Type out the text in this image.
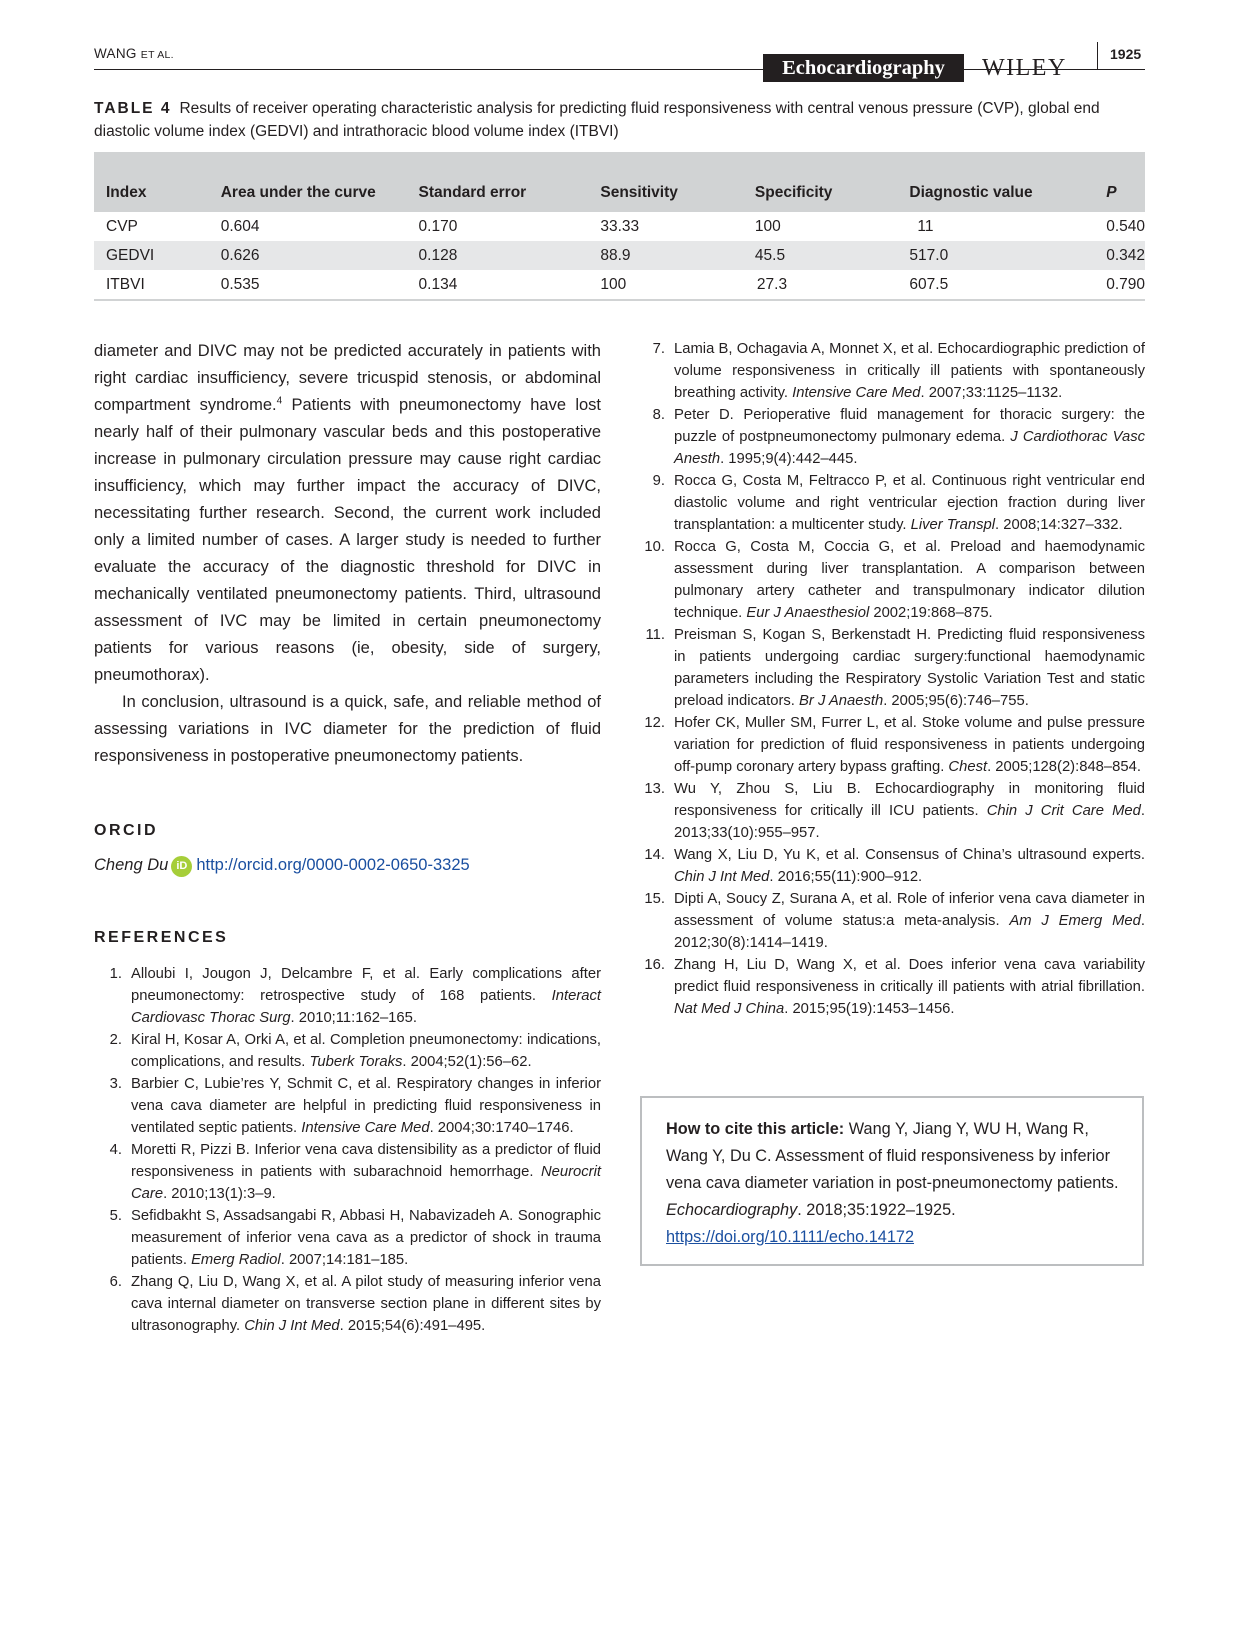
WANG ET AL.
Echocardiography	WILEY
1925
TABLE 4 Results of receiver operating characteristic analysis for predicting fluid responsiveness with central venous pressure (CVP), global end diastolic volume index (GEDVI) and intrathoracic blood volume index (ITBVI)
Index	Area under the curve	Standard error	Sensitivity	Specificity	Diagnostic value	P
CVP	0.604	0.170	33.33	100	11	0.540
GEDVI	0.626	0.128	88.9	45.5	517.0	0.342
ITBVI	0.535	0.134	100	27.3	607.5	0.790

diameter and DIVC may not be predicted accurately in patients with right cardiac insufficiency, severe tricuspid stenosis, or abdominal compartment syndrome.$^4$ Patients with pneumonectomy have lost nearly half of their pulmonary vascular beds and this postoperative increase in pulmonary circulation pressure may cause right cardiac insufficiency, which may further impact the accuracy of DIVC, necessitating further research. Second, the current work included only a limited number of cases. A larger study is needed to further evaluate the accuracy of the diagnostic threshold for DIVC in mechanically ventilated pneumonectomy patients. Third, ultrasound assessment of IVC may be limited in certain pneumonectomy patients for various reasons (ie, obesity, side of surgery, pneumothorax).

In conclusion, ultrasound is a quick, safe, and reliable method of assessing variations in IVC diameter for the prediction of fluid responsiveness in postoperative pneumonectomy patients.

ORCID

Cheng Du iD http://orcid.org/0000-0002-0650-3325

REFERENCES

1. Alloubi I, Jougon J, Delcambre F, et al. Early complications after pneumonectomy: retrospective study of 168 patients. Interact Cardiovasc Thorac Surg. 2010;11:162–165.
2. Kiral H, Kosar A, Orki A, et al. Completion pneumonectomy: indications, complications, and results. Tuberk Toraks. 2004;52(1):56–62.
3. Barbier C, Lubie’res Y, Schmit C, et al. Respiratory changes in inferior vena cava diameter are helpful in predicting fluid responsiveness in ventilated septic patients. Intensive Care Med. 2004;30:1740–1746.
4. Moretti R, Pizzi B. Inferior vena cava distensibility as a predictor of fluid responsiveness in patients with subarachnoid hemorrhage. Neurocrit Care. 2010;13(1):3–9.
5. Sefidbakht S, Assadsangabi R, Abbasi H, Nabavizadeh A. Sonographic measurement of inferior vena cava as a predictor of shock in trauma patients. Emerg Radiol. 2007;14:181–185.
6. Zhang Q, Liu D, Wang X, et al. A pilot study of measuring inferior vena cava internal diameter on transverse section plane in different sites by ultrasonography. Chin J Int Med. 2015;54(6):491–495.
7. Lamia B, Ochagavia A, Monnet X, et al. Echocardiographic prediction of volume responsiveness in critically ill patients with spontaneously breathing activity. Intensive Care Med. 2007;33:1125–1132.
8. Peter D. Perioperative fluid management for thoracic surgery: the puzzle of postpneumonectomy pulmonary edema. J Cardiothorac Vasc Anesth. 1995;9(4):442–445.
9. Rocca G, Costa M, Feltracco P, et al. Continuous right ventricular end diastolic volume and right ventricular ejection fraction during liver transplantation: a multicenter study. Liver Transpl. 2008;14:327–332.
10. Rocca G, Costa M, Coccia G, et al. Preload and haemodynamic assessment during liver transplantation. A comparison between pulmonary artery catheter and transpulmonary indicator dilution technique. Eur J Anaesthesiol 2002;19:868–875.
11. Preisman S, Kogan S, Berkenstadt H. Predicting fluid responsiveness in patients undergoing cardiac surgery:functional haemodynamic parameters including the Respiratory Systolic Variation Test and static preload indicators. Br J Anaesth. 2005;95(6):746–755.
12. Hofer CK, Muller SM, Furrer L, et al. Stoke volume and pulse pressure variation for prediction of fluid responsiveness in patients undergoing off-pump coronary artery bypass grafting. Chest. 2005;128(2):848–854.
13. Wu Y, Zhou S, Liu B. Echocardiography in monitoring fluid responsiveness for critically ill ICU patients. Chin J Crit Care Med. 2013;33(10):955–957.
14. Wang X, Liu D, Yu K, et al. Consensus of China’s ultrasound experts. Chin J Int Med. 2016;55(11):900–912.
15. Dipti A, Soucy Z, Surana A, et al. Role of inferior vena cava diameter in assessment of volume status:a meta-analysis. Am J Emerg Med. 2012;30(8):1414–1419.
16. Zhang H, Liu D, Wang X, et al. Does inferior vena cava variability predict fluid responsiveness in critically ill patients with atrial fibrillation. Nat Med J China. 2015;95(19):1453–1456.
How to cite this article: Wang Y, Jiang Y, WU H, Wang R, Wang Y, Du C. Assessment of fluid responsiveness by inferior vena cava diameter variation in post-pneumonectomy patients. Echocardiography. 2018;35:1922–1925. https://doi.org/10.1111/echo.14172
